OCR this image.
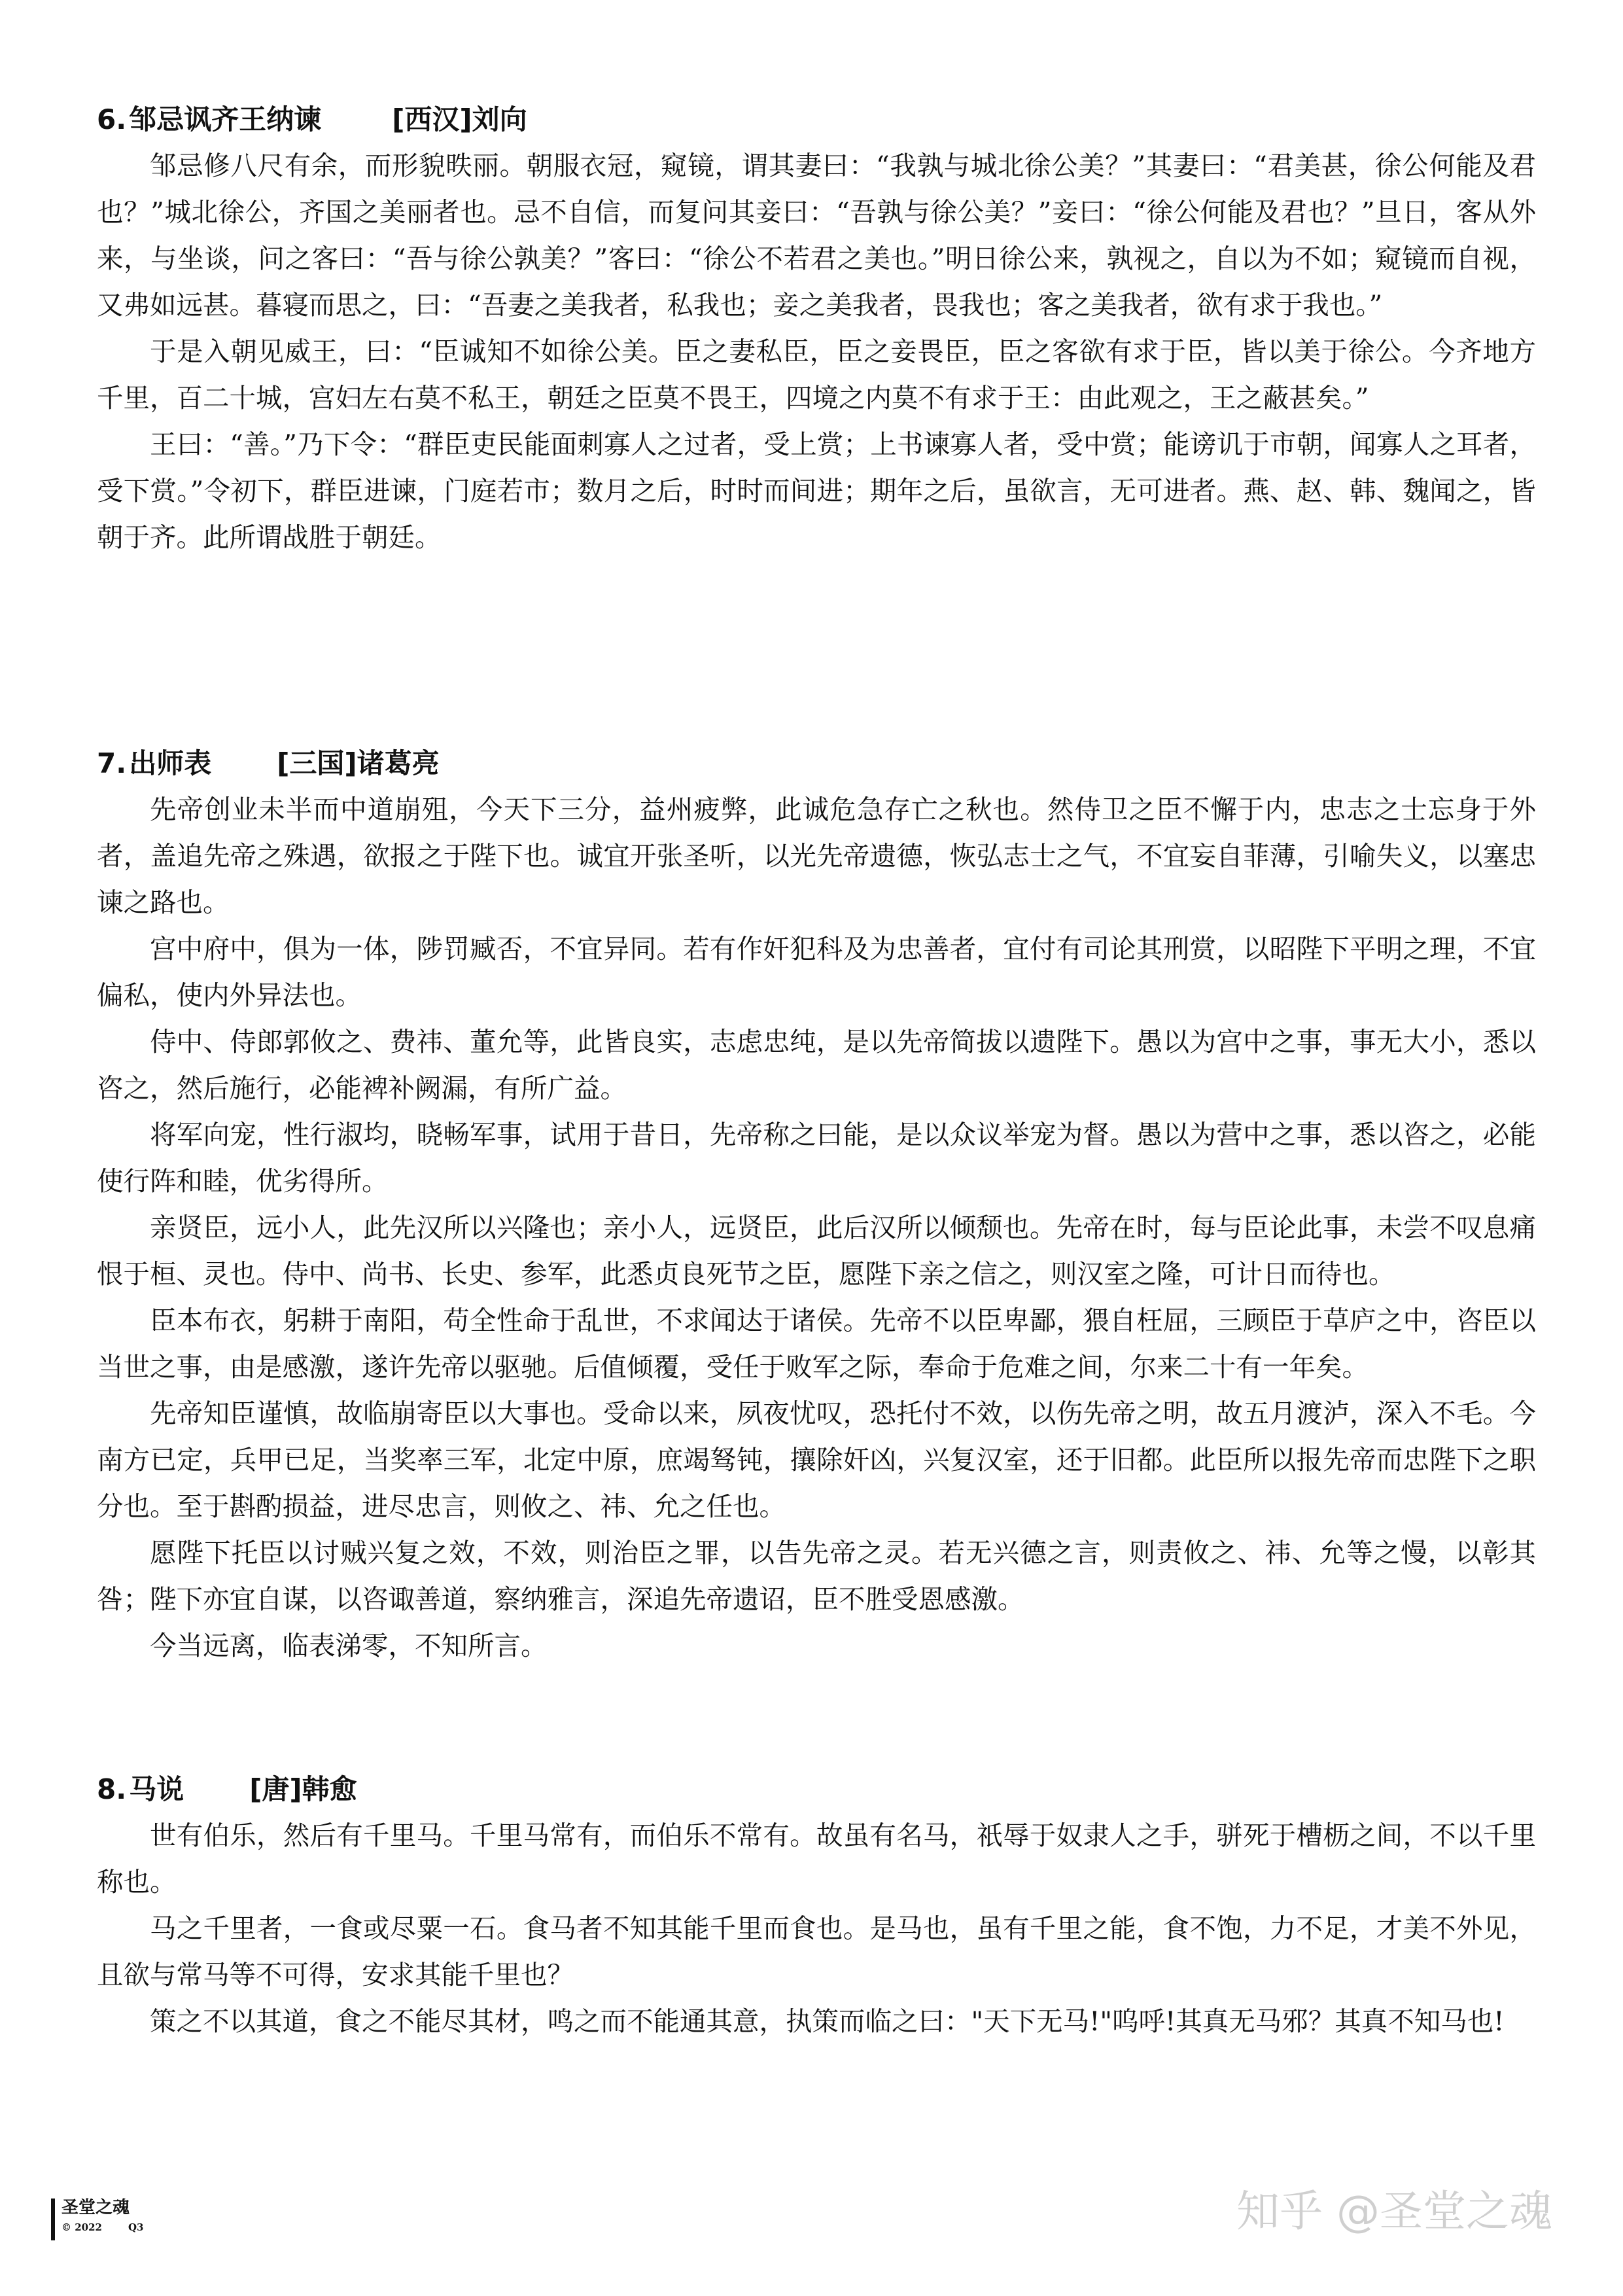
6.邹忌讽齐王纳谏	[西汉]刘向

邹忌修八尺有余，而形貌昳丽。朝服衣冠，窥镜，谓其妻曰：“我孰与城北徐公美？”其妻曰：“君美甚，徐公何能及君也？”城北徐公，齐国之美丽者也。忌不自信，而复问其妾曰：“吾孰与徐公美？”妾曰：“徐公何能及君也？”旦日，客从外来，与坐谈，问之客曰：“吾与徐公孰美？”客曰：“徐公不若君之美也。”明日徐公来，孰视之，自以为不如；窥镜而自视，又弗如远甚。暮寝而思之，曰：“吾妻之美我者，私我也；妾之美我者，畏我也；客之美我者，欲有求于我也。”

于是入朝见威王，曰：“臣诚知不如徐公美。臣之妻私臣，臣之妾畏臣，臣之客欲有求于臣，皆以美于徐公。今齐地方千里，百二十城，宫妇左右莫不私王，朝廷之臣莫不畏王，四境之内莫不有求于王：由此观之，王之蔽甚矣。”

王曰：“善。”乃下令：“群臣吏民能面刺寡人之过者，受上赏；上书谏寡人者，受中赏；能谤讥于市朝，闻寡人之耳者，受下赏。”令初下，群臣进谏，门庭若市；数月之后，时时而间进；期年之后，虽欲言，无可进者。燕、赵、韩、魏闻之，皆朝于齐。此所谓战胜于朝廷。

7.出师表 [三国]诸葛亮

先帝创业未半而中道崩殂，今天下三分，益州疲弊，此诚危急存亡之秋也。然侍卫之臣不懈于内，忠志之士忘身于外者，盖追先帝之殊遇，欲报之于陛下也。诚宜开张圣听，以光先帝遗德，恢弘志士之气，不宜妄自菲薄，引喻失义，以塞忠谏之路也。

宫中府中，俱为一体，陟罚臧否，不宜异同。若有作奸犯科及为忠善者，宜付有司论其刑赏，以昭陛下平明之理，不宜偏私，使内外异法也。

侍中、侍郎郭攸之、费祎、董允等，此皆良实，志虑忠纯，是以先帝简拔以遗陛下。愚以为宫中之事，事无大小，悉以咨之，然后施行，必能裨补阙漏，有所广益。

将军向宠，性行淑均，晓畅军事，试用于昔日，先帝称之曰能，是以众议举宠为督。愚以为营中之事，悉以咨之，必能使行阵和睦，优劣得所。

亲贤臣，远小人，此先汉所以兴隆也；亲小人，远贤臣，此后汉所以倾颓也。先帝在时，每与臣论此事，未尝不叹息痛恨于桓、灵也。侍中、尚书、长史、参军，此悉贞良死节之臣，愿陛下亲之信之，则汉室之隆，可计日而待也。

臣本布衣，躬耕于南阳，苟全性命于乱世，不求闻达于诸侯。先帝不以臣卑鄙，猥自枉屈，三顾臣于草庐之中，咨臣以当世之事，由是感激，遂许先帝以驱驰。后值倾覆，受任于败军之际，奉命于危难之间，尔来二十有一年矣。

先帝知臣谨慎，故临崩寄臣以大事也。受命以来，夙夜忧叹，恐托付不效，以伤先帝之明，故五月渡泸，深入不毛。今南方已定，兵甲已足，当奖率三军，北定中原，庶竭驽钝，攘除奸凶，兴复汉室，还于旧都。此臣所以报先帝而忠陛下之职分也。至于斟酌损益，进尽忠言，则攸之、祎、允之任也。

愿陛下托臣以讨贼兴复之效，不效，则治臣之罪，以告先帝之灵。若无兴德之言，则责攸之、祎、允等之慢，以彰其咎；陛下亦宜自谋，以咨诹善道，察纳雅言，深追先帝遗诏，臣不胜受恩感激。

今当远离，临表涕零，不知所言。

8.马说 [唐]韩愈

世有伯乐，然后有千里马。千里马常有，而伯乐不常有。故虽有名马，祇辱于奴隶人之手，骈死于槽枥之间，不以千里称也。

马之千里者，一食或尽粟一石。食马者不知其能千里而食也。是马也，虽有千里之能，食不饱，力不足，才美不外见，且欲与常马等不可得，安求其能千里也？

策之不以其道，食之不能尽其材，鸣之而不能通其意，执策而临之曰："天下无马!"呜呼!其真无马邪？其真不知马也!

圣堂之魂
© 2022	Q3	知乎 @圣堂之魂
